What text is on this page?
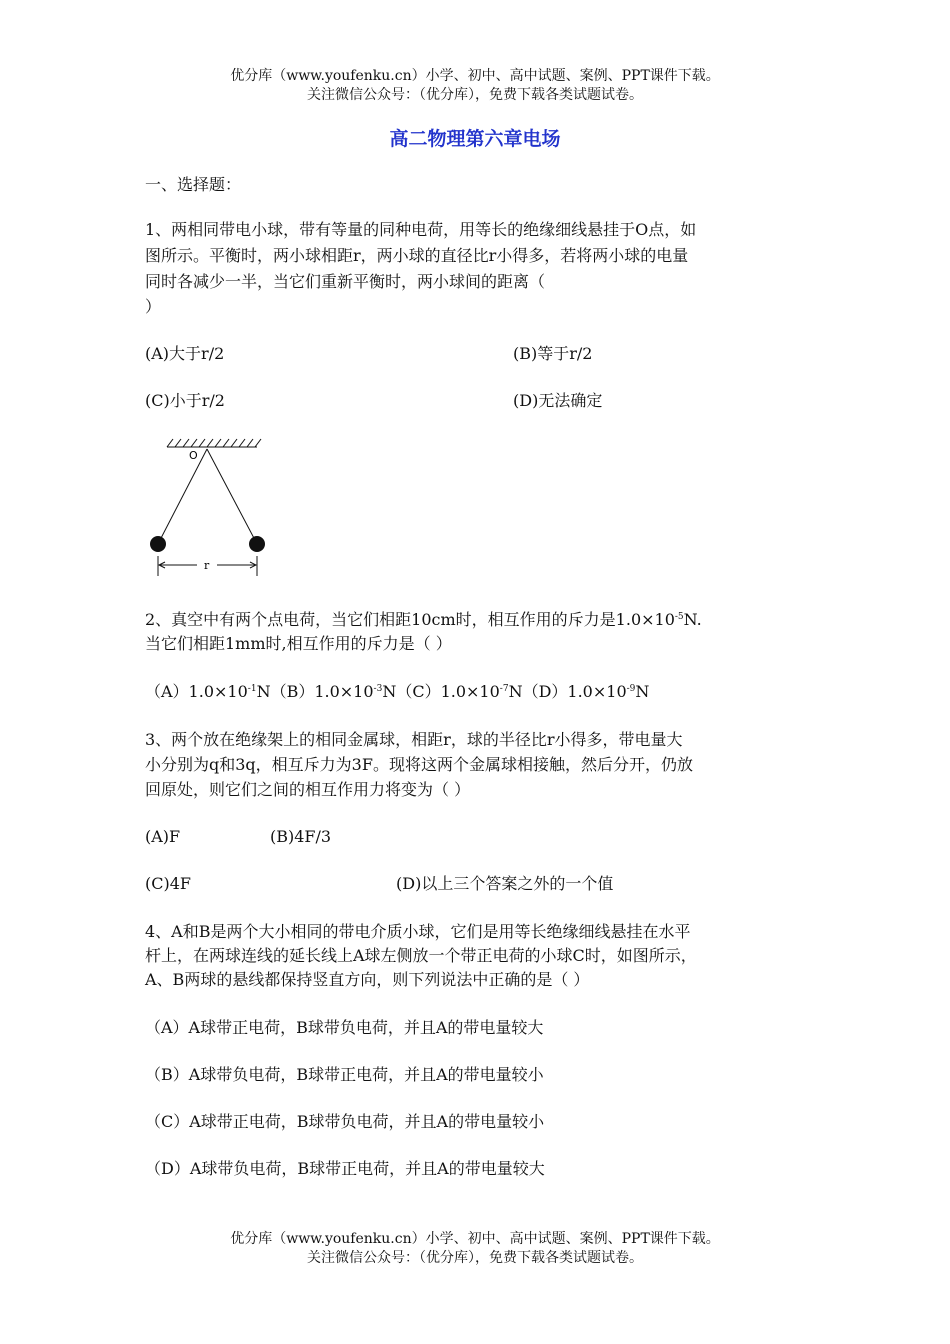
优分库（www.youfenku.cn）小学、初中、高中试题、案例、PPT课件下载。
关注微信公众号：（优分库），免费下载各类试题试卷。
高二物理第六章电场
一、选择题：
1、两相同带电小球，带有等量的同种电荷，用等长的绝缘细线悬挂于O点，如
图所示。平衡时，两小球相距r，两小球的直径比r小得多，若将两小球的电量
同时各减少一半，当它们重新平衡时，两小球间的距离（
）
(A)大于r/2	(B)等于r/2
(C)小于r/2	(D)无法确定
O
r
2、真空中有两个点电荷，当它们相距10cm时，相互作用的斥力是$1.0\times 10^{-5}N$.
当它们相距1mm时,相互作用的斥力是（ ）
$(A)1.0\times 10^{-1}N(B)1.0\times 10^{-3}N(C)1.0\times 10^{-7}N(D)1.0\times 10^{-9}N$
3、两个放在绝缘架上的相同金属球，相距r，球的半径比r小得多，带电量大
小分别为q和3q，相互斥力为3F。现将这两个金属球相接触，然后分开，仍放
回原处，则它们之间的相互作用力将变为（ ）
(A)F	(B)4F/3
(C)4F	(D)以上三个答案之外的一个值
4、A和B是两个大小相同的带电介质小球，它们是用等长绝缘细线悬挂在水平
杆上，在两球连线的延长线上A球左侧放一个带正电荷的小球C时，如图所示，
A、B两球的悬线都保持竖直方向，则下列说法中正确的是（ ）
（A）A球带正电荷，B球带负电荷，并且A的带电量较大
（B）A球带负电荷，B球带正电荷，并且A的带电量较小
（C）A球带正电荷，B球带负电荷，并且A的带电量较小
（D）A球带负电荷，B球带正电荷，并且A的带电量较大
优分库（www.youfenku.cn）小学、初中、高中试题、案例、PPT课件下载。
关注微信公众号：（优分库），免费下载各类试题试卷。
